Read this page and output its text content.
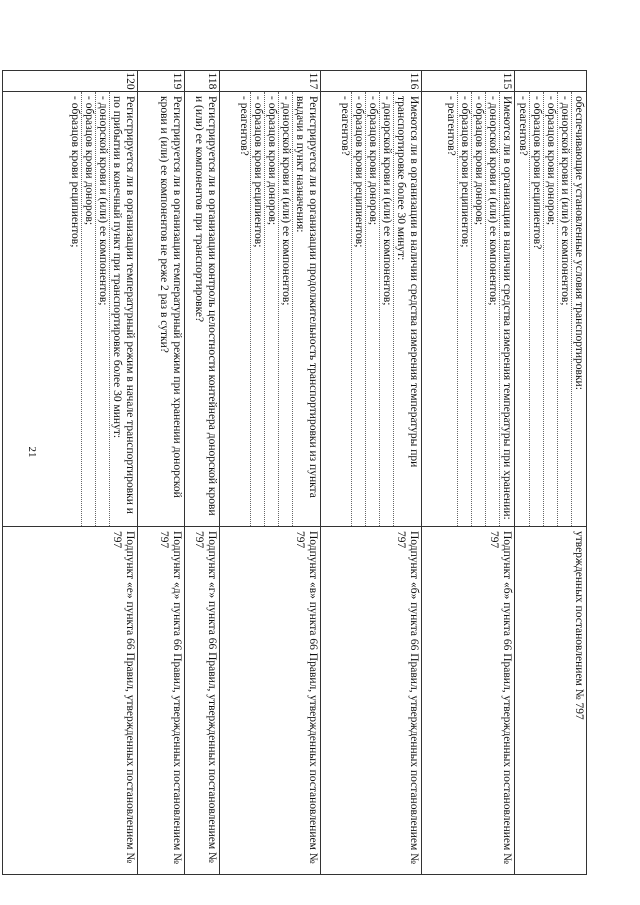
21

	обеспечивающие установленные условия транспортировки:
- донорской крови и (или) ее компонентов;
- образцов крови доноров;
- образцов крови реципиентов?
- реагентов?	утвержденных постановлением № 797
115	Имеются ли в организации в наличии средства измерения температуры при хранении:
- донорской крови и (или) ее компонентов;
- образцов крови доноров;
- образцов крови реципиентов;
- реагентов?	Подпункт «б» пункта 66 Правил, утвержденных постановлением № 797
116	Имеются ли в организации в наличии средства измерения температуры при транспортировке более 30 минут:
- донорской крови и (или) ее компонентов;
- образцов крови доноров;
- образцов крови реципиентов;
- реагентов?	Подпункт «б» пункта 66 Правил, утвержденных постановлением № 797
117	Регистрируется ли в организации продолжительность транспортировки из пункта выдачи в пункт назначения:
- донорской крови и (или) ее компонентов;
- образцов крови доноров;
- образцов крови реципиентов;
- реагентов?	Подпункт «в» пункта 66 Правил, утвержденных постановлением № 797
118	Регистрируется ли в организации контроль целостности контейнера донорской крови и (или) ее компонентов при транспортировке?	Подпункт «г» пункта 66 Правил, утвержденных постановлением № 797
119	Регистрируется ли в организации температурный режим при хранении донорской крови и (или) ее компонентов не реже 2 раз в сутки?	Подпункт «д» пункта 66 Правил, утвержденных постановлением № 797
120	Регистрируется ли в организации температурный режим в начале транспортировки и по прибытии в конечный пункт при транспортировке более 30 минут:
- донорской крови и (или) ее компонентов;
- образцов крови доноров;
- образцов крови реципиентов;	Подпункт «е» пункта 66 Правил, утвержденных постановлением № 797
